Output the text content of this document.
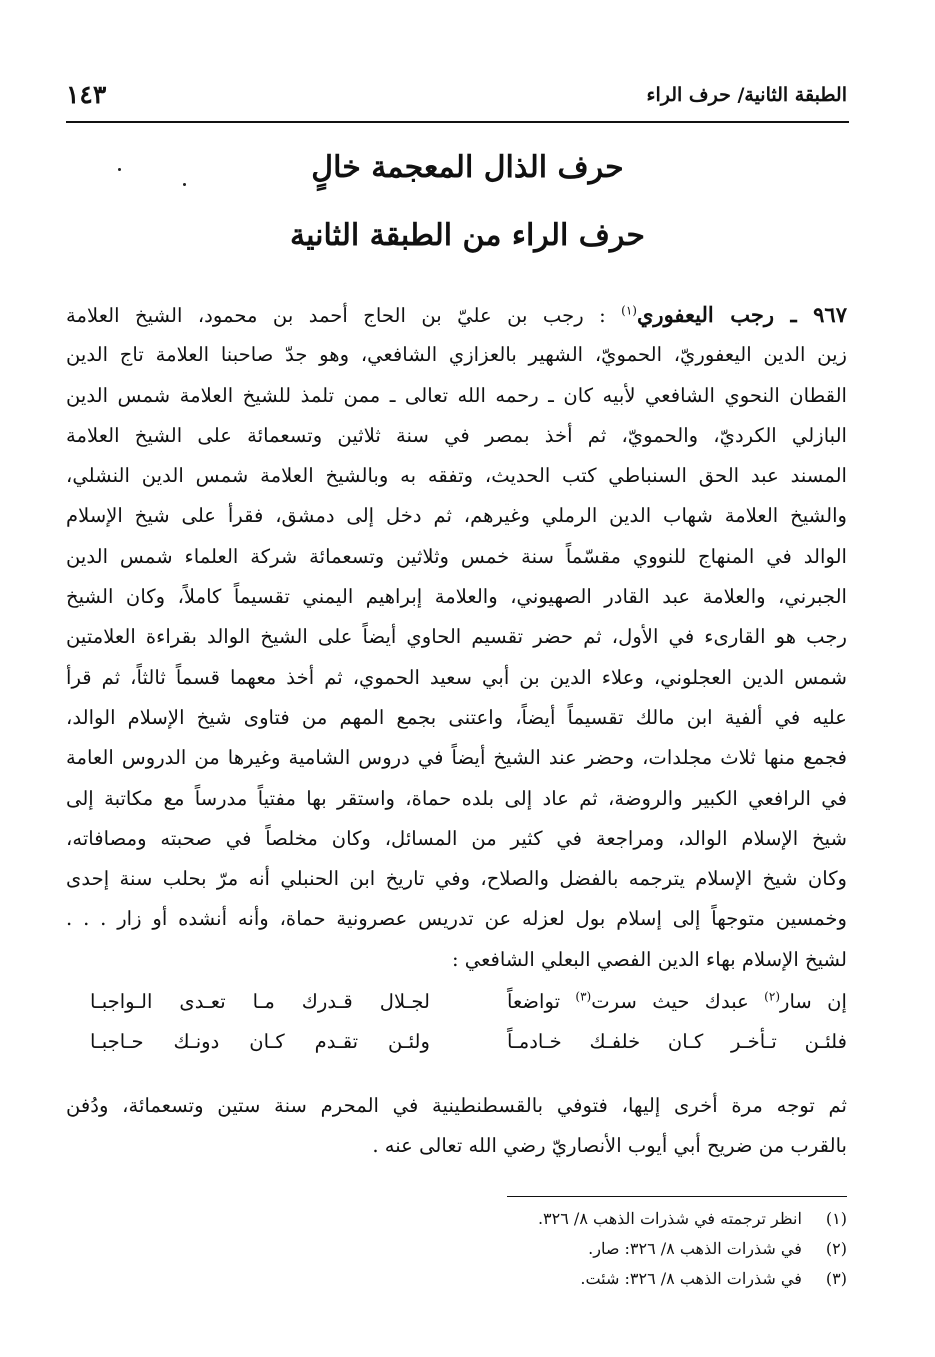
الطبقة الثانية/ حرف الراء
١٤٣
حرف الذال المعجمة خالٍ
حرف الراء من الطبقة الثانية
٩٦٧ ـ رجب اليعفوري$^{(١)}$ : رجب بن عليّ بن الحاج أحمد بن محمود، الشيخ العلامة
زين الدين اليعفوريّ، الحمويّ، الشهير بالعزازي الشافعي، وهو جدّ صاحبنا العلامة تاج الدين
القطان النحوي الشافعي لأبيه كان ـ رحمه الله تعالى ـ ممن تلمذ للشيخ العلامة شمس الدين
البازلي الكرديّ، والحمويّ، ثم أخذ بمصر في سنة ثلاثين وتسعمائة على الشيخ العلامة
المسند عبد الحق السنباطي كتب الحديث، وتفقه به وبالشيخ العلامة شمس الدين النشلي،
والشيخ العلامة شهاب الدين الرملي وغيرهم، ثم دخل إلى دمشق، فقرأ على شيخ الإسلام
الوالد في المنهاج للنووي مقسّماً سنة خمس وثلاثين وتسعمائة شركة العلماء شمس الدين
الجبرني، والعلامة عبد القادر الصهيوني، والعلامة إبراهيم اليمني تقسيماً كاملاً، وكان الشيخ
رجب هو القارىء في الأول، ثم حضر تقسيم الحاوي أيضاً على الشيخ الوالد بقراءة العلامتين
شمس الدين العجلوني، وعلاء الدين بن أبي سعيد الحموي، ثم أخذ معهما قسماً ثالثاً، ثم قرأ
عليه في ألفية ابن مالك تقسيماً أيضاً، واعتنى بجمع المهم من فتاوى شيخ الإسلام الوالد،
فجمع منها ثلاث مجلدات، وحضر عند الشيخ أيضاً في دروس الشامية وغيرها من الدروس العامة
في الرافعي الكبير والروضة، ثم عاد إلى بلده حماة، واستقر بها مفتياً مدرساً مع مكاتبة إلى
شيخ الإسلام الوالد، ومراجعة في كثير من المسائل، وكان مخلصاً في صحبته ومصافاته،
وكان شيخ الإسلام يترجمه بالفضل والصلاح، وفي تاريخ ابن الحنبلي أنه مرّ بحلب سنة إحدى
وخمسين متوجهاً إلى إسلام بول لعزله عن تدريس عصرونية حماة، وأنه أنشده أو زار . . .
لشيخ الإسلام بهاء الدين الفصي البعلي الشافعي :
إن سار$^{(٢)}$ عبدك حيث سرت$^{(٣)}$ تواضعاً
لجـلال قـدرك مـا تعـدى الـواجبـا
فلئـن تـأخـر كـان خلفـك خـادمـاً
ولئـن تقـدم كـان دونـك حـاجبـا
ثم توجه مرة أخرى إليها، فتوفي بالقسطنطينية في المحرم سنة ستين وتسعمائة، ودُفن
بالقرب من ضريح أبي أيوب الأنصاريّ رضي الله تعالى عنه .
(١) انظر ترجمته في شذرات الذهب ٨/ ٣٢٦.
(٢) في شذرات الذهب ٨/ ٣٢٦: صار.
(٣) في شذرات الذهب ٨/ ٣٢٦: شئت.
